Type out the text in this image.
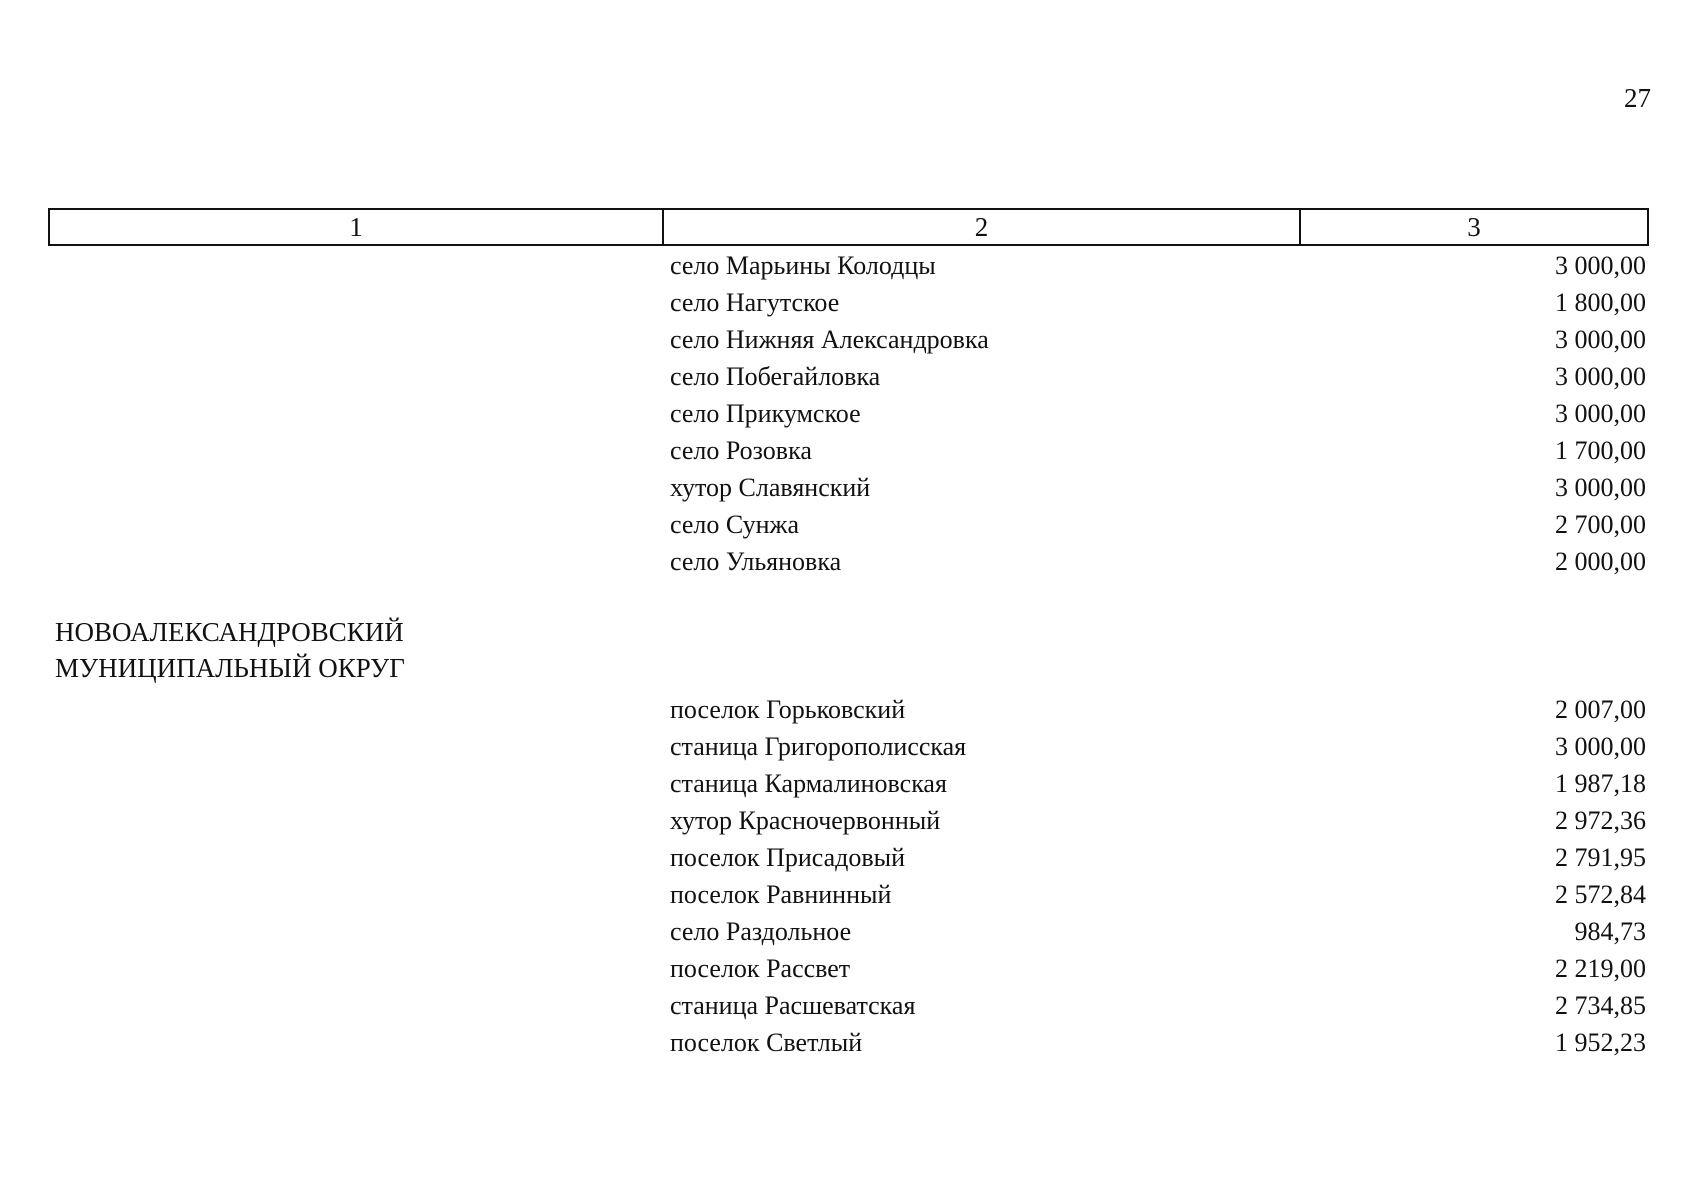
27
1	2	3
село Марьины Колодцы	3 000,00
село Нагутское	1 800,00
село Нижняя Александровка	3 000,00
село Побегайловка	3 000,00
село Прикумское	3 000,00
село Розовка	1 700,00
хутор Славянский	3 000,00
село Сунжа	2 700,00
село Ульяновка	2 000,00
НОВОАЛЕКСАНДРОВСКИЙ
МУНИЦИПАЛЬНЫЙ ОКРУГ
поселок Горьковский	2 007,00
станица Григорополисская	3 000,00
станица Кармалиновская	1 987,18
хутор Красночервонный	2 972,36
поселок Присадовый	2 791,95
поселок Равнинный	2 572,84
село Раздольное	984,73
поселок Рассвет	2 219,00
станица Расшеватская	2 734,85
поселок Светлый	1 952,23
